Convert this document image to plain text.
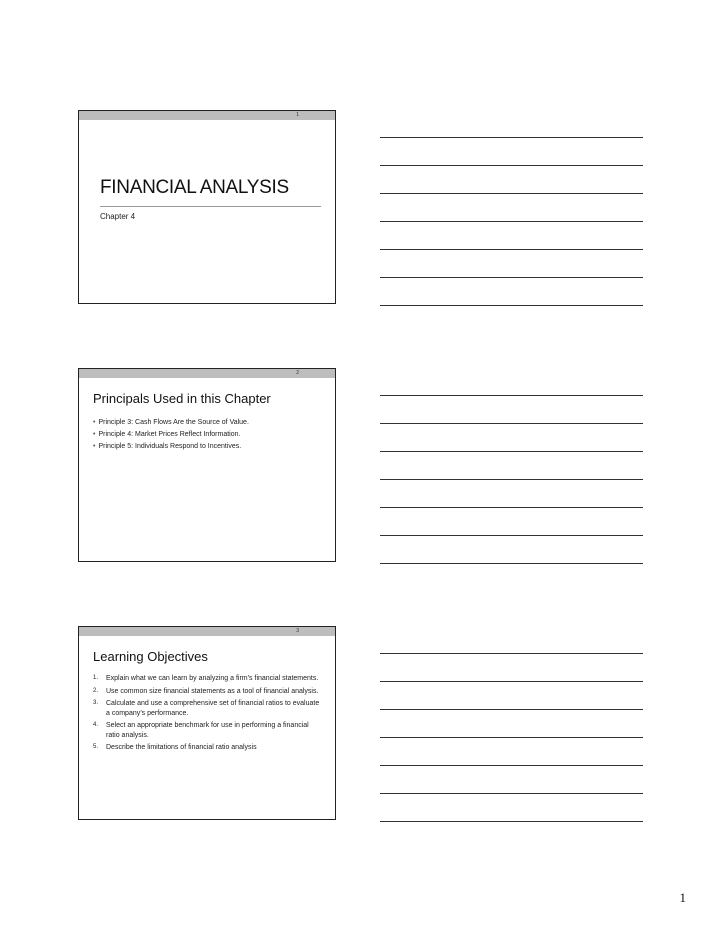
1
FINANCIAL ANALYSIS
Chapter 4
2
Principals Used in this Chapter
• Principle 3: Cash Flows Are the Source of Value.
• Principle 4: Market Prices Reflect Information.
• Principle 5: Individuals Respond to Incentives.
3
Learning Objectives
1.	Explain what we can learn by analyzing a firm’s financial statements.
2.	Use common size financial statements as a tool of financial analysis.
3.	Calculate and use a comprehensive set of financial ratios to evaluate a company’s performance.
4.	Select an appropriate benchmark for use in performing a financial ratio analysis.
5.	Describe the limitations of financial ratio analysis
1
